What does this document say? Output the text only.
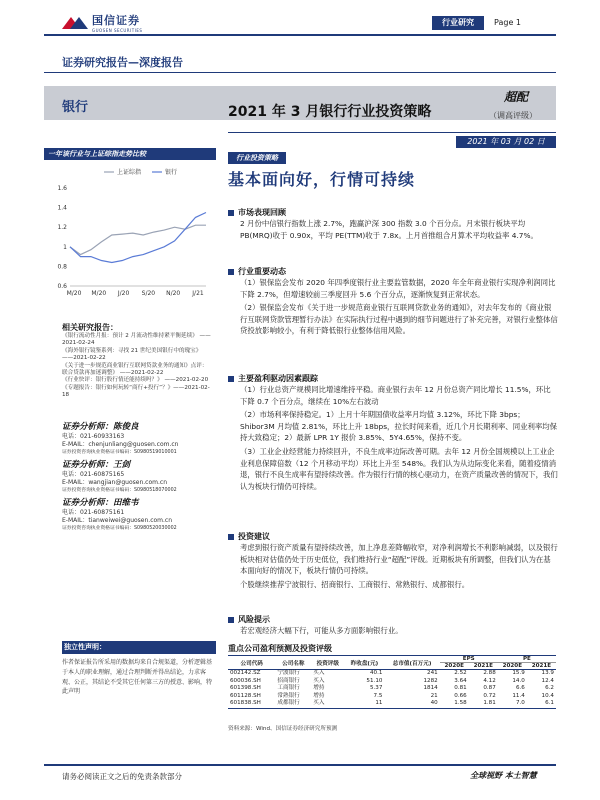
国信证券
GUOSEN SECURITIES
行业研究	Page 1
证券研究报告—深度报告
银行	2021 年 3 月银行行业投资策略
超配
（调高评级）
2021 年 03 月 02 日
一年该行业与上证综指走势比较
1.6
1.4
1.2
1
0.8
0.6
M/20 M/20 J/20 S/20 N/20 J/21
上证综指	银行
相关研究报告：
《银行流动性月报：预计 2 月流动性维持紧平衡延续》 ——2021-02-24
《海外银行镜鉴系列：寻找 21 世纪美国银行中的瑰宝》 ——2021-02-22
《关于进一步规范商业银行互联网贷款业务的通知》点评：联合贷款再加迷调整》 ——2021-02-22
《行业快评：银行股行情还能持续吗？》 ——2021-02-20
《专题报告：银行如何玩转“商行+投行”？》——2021-02-18
证券分析师：陈俊良
电话：021-60933163
E-MAIL：chenjunliang@guosen.com.cn
证券投资咨询执业资格证书编码：S0980519010001
证券分析师：王剑
电话：021-60875165
E-MAIL：wangjian@guosen.com.cn
证券投资咨询执业资格证书编码：S0980518070002
证券分析师：田维韦
电话：021-60875161
E-MAIL：tianweiwei@guosen.com.cn
证券投资咨询执业资格证书编码：S0980520030002
独立性声明：
作者保证报告所采用的数据均来自合规渠道，分析逻辑基于本人的职业理解，通过合理判断并得出结论，力求客观、公正，其结论不受其它任何第三方的授意、影响，特此声明
行业投资策略
基本面向好，行情可持续
市场表现回顾
2 月份中信银行指数上涨 2.7%，跑赢沪深 300 指数 3.0 个百分点。月末银行板块平均 PB(MRQ)收于 0.90x，平均 PE(TTM)收于 7.8x。上月首推组合月算术平均收益率 4.7%。
行业重要动态
（1）银保监会发布 2020 年四季度银行业主要监管数据，2020 年全年商业银行实现净利润同比下降 2.7%，但增速较前三季度回升 5.6 个百分点，逐渐恢复到正常状态。
（2）银保监会发布《关于进一步规范商业银行互联网贷款业务的通知》，对去年发布的《商业银行互联网贷款管理暂行办法》在实际执行过程中遇到的细节问题进行了补充完善，对银行业整体信贷投放影响较小，有利于降低银行业整体信用风险。
主要盈利驱动因素跟踪
（1）行业总资产规模同比增速维持平稳。商业银行去年 12 月份总资产同比增长 11.5%，环比下降 0.7 个百分点，继续在 10%左右波动
（2）市场利率保持稳定。1）上月十年期国债收益率月均值 3.12%，环比下降 3bps；Shibor3M 月均值 2.81%，环比上升 18bps，拉长时间来看，近几个月长期利率、同业利率均保持大致稳定；2）最新 LPR 1Y 报价 3.85%、5Y4.65%，保持不变。
（3）工业企业经营能力持续回升，不良生成率边际改善可期。去年 12 月份全国规模以上工业企业利息保障倍数（12 个月移动平均）环比上升至 548%。我们认为从边际变化来看，随着疫情消退，银行不良生成率有望持续改善。作为银行行情的核心驱动力，在资产质量改善的情况下，我们认为板块行情仍可持续。
投资建议
考虑到银行资产质量有望持续改善，加上净息差降幅收窄，对净利润增长不利影响减弱，以及银行板块相对估值仍处于历史低位，我们维持行业“超配”评级。近期板块有所调整，但我们认为在基本面向好的情况下，板块行情仍可持续。
个股继续推荐宁波银行、招商银行、工商银行、常熟银行、成都银行。
风险提示
若宏观经济大幅下行，可能从多方面影响银行业。
重点公司盈利预测及投资评级
公司代码	公司名称	投资评级	昨收盘(元)	总市值(百万元)	EPS		PE	
					2020E	2021E	2020E	2021E
002142.SZ	宁波银行	买入	40.1	241	2.52	2.88	15.9	13.9
600036.SH	招商银行	买入	51.10	1282	3.64	4.12	14.0	12.4
601398.SH	工商银行	增持	5.37	1814	0.81	0.87	6.6	6.2
601128.SH	常熟银行	增持	7.5	21	0.66	0.72	11.4	10.4
601838.SH	成都银行	买入	11	40	1.58	1.81	7.0	6.1
资料来源：Wind、国信证券经济研究所预测
请务必阅读正文之后的免责条款部分	全球视野 本土智慧
